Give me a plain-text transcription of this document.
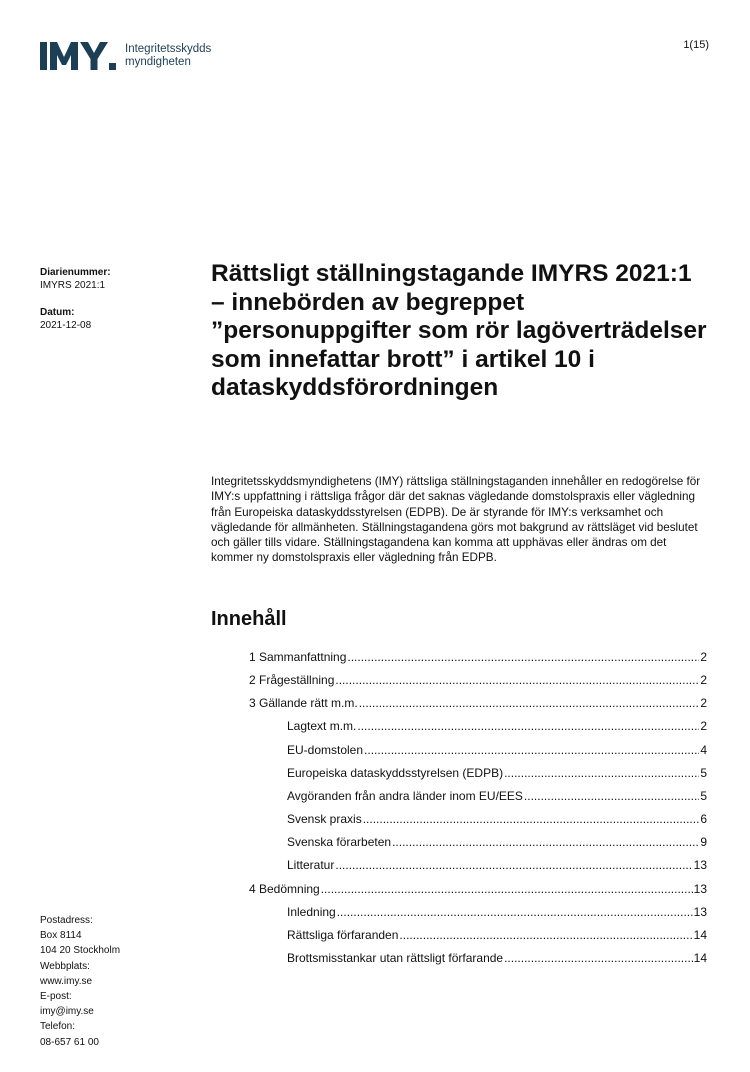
Integritetsskydds
myndigheten
1(15)
Diarienummer:
IMYRS 2021:1
Datum:
2021-12-08
Rättsligt ställningstagande IMYRS 2021:1 – innebörden av begreppet ”personuppgifter som rör lagöverträdelser som innefattar brott” i artikel 10 i dataskyddsförordningen

Integritetsskyddsmyndighetens (IMY) rättsliga ställningstaganden innehåller en redogörelse för IMY:s uppfattning i rättsliga frågor där det saknas vägledande domstolspraxis eller vägledning från Europeiska dataskyddsstyrelsen (EDPB). De är styrande för IMY:s verksamhet och vägledande för allmänheten. Ställningstagandena görs mot bakgrund av rättsläget vid beslutet och gäller tills vidare. Ställningstagandena kan komma att upphävas eller ändras om det kommer ny domstolspraxis eller vägledning från EDPB.

Innehåll
1 Sammanfattning .....	2
2 Frågeställning .....	2
3 Gällande rätt m.m. .....	2
Lagtext m.m. .....	2
EU-domstolen .....	4
Europeiska dataskyddsstyrelsen (EDPB) .....	5
Avgöranden från andra länder inom EU/EES .....	5
Svensk praxis .....	6
Svenska förarbeten .....	9
Litteratur .....	13
4 Bedömning .....	13
Inledning .....	13
Rättsliga förfaranden .....	14
Brottsmisstankar utan rättsligt förfarande .....	14
Postadress:
Box 8114
104 20 Stockholm
Webbplats:
www.imy.se
E-post:
imy@imy.se
Telefon:
08-657 61 00
